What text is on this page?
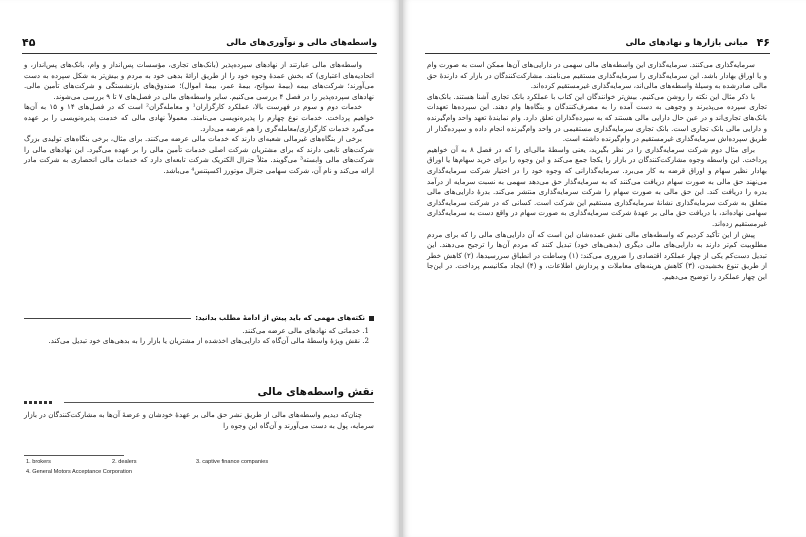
۴۵	واسطه‌های مالی و نوآوری‌های مالی

واسطه‌های مالی عبارتند از نهادهای سپرده‌پذیر (بانک‌های تجاری، مؤسسات پس‌انداز و وام، بانک‌های پس‌انداز، و اتحادیه‌های اعتباری) که بخش عمدۀ وجوه خود را از طریق ارائۀ بدهی خود به مردم و بیش‌تر به شکل سپرده به دست می‌آورند؛ شرکت‌های بیمه (بیمۀ سوانح، بیمۀ عمر، بیمۀ اموال)؛ صندوق‌های بازنشستگی و شرکت‌های تأمین مالی. نهادهای سپرده‌پذیر را در فصل ۴ بررسی می‌کنیم. سایر واسطه‌های مالی در فصل‌های ۷ تا ۹ بررسی می‌شوند.

خدمات دوم و سوم در فهرست بالا، عملکرد کارگزاران¹ و معامله‌گران² است که در فصل‌های ۱۴ و ۱۵ به آن‌ها خواهیم پرداخت. خدمات نوع چهارم را پذیره‌نویسی می‌نامند. معمولاً نهادی مالی که خدمت پذیره‌نویسی را بر عهده می‌گیرد خدمات کارگزاری/معامله‌گری را هم عرضه می‌دارد.

برخی از بنگاه‌های غیرمالی شعبه‌ای دارند که خدمات مالی عرضه می‌کنند. برای مثال، برخی بنگاه‌های تولیدی بزرگ شرکت‌های تابعی دارند که برای مشتریان شرکت اصلی خدمات تأمین مالی را بر عهده می‌گیرد. این نهادهای مالی را شرکت‌های مالی وابسته³ می‌گویند. مثلاً جنرال الکتریک شرکت تابعه‌ای دارد که خدمات مالی انحصاری به شرکت مادر ارائه می‌کند و نام آن، شرکت سهامی جنرال موتورز اکسپتنس⁴ می‌باشد.

نکته‌های مهمی که باید پیش از ادامۀ مطلب بدانید:
1. خدماتی که نهادهای مالی عرضه می‌کنند.
2. نقش ویژۀ واسطۀ مالی آن‌گاه که دارایی‌های اخذشده از مشتریان یا بازار را به بدهی‌های خود تبدیل می‌کند.
نقش واسطه‌های مالی

چنان‌که دیدیم واسطه‌های مالی از طریق نشر حق مالی بر عهدۀ خودشان و عرضۀ آن‌ها به مشارکت‌کنندگان در بازار سرمایه، پول به دست می‌آورند و آن‌گاه این وجوه را

1. brokers	2. dealers	3. captive finance companies
4. General Motors Acceptance Corporation
۴۶
مبانی بازارها و نهادهای مالی

سرمایه‌گذاری می‌کنند. سرمایه‌گذاری این واسطه‌های مالی سهمی در دارایی‌های آن‌ها ممکن است به صورت وام و یا اوراق بهادار باشد. این سرمایه‌گذاری را سرمایه‌گذاری مستقیم می‌نامند. مشارکت‌کنندگان در بازار که دارندۀ حق مالی صادرشده به وسیلۀ واسطه‌های مالی‌اند، سرمایه‌گذاری غیرمستقیم کرده‌اند.

با ذکر مثال این نکته را روشن می‌کنیم. بیش‌تر خوانندگان این کتاب با عملکرد بانک تجاری آشنا هستند. بانک‌های تجاری سپرده می‌پذیرند و وجوهی به دست آمده را به مصرف‌کنندگان و بنگاه‌ها وام دهند. این سپرده‌ها تعهدات بانک‌های تجاری‌اند و در عین حال دارایی مالی هستند که به سپرده‌گذاران تعلق دارد. وام نمایندۀ تعهد واحد وام‌گیرنده و دارایی مالی بانک تجاری است. بانک تجاری سرمایه‌گذاری مستقیمی در واحد وام‌گیرنده انجام داده و سپرده‌گذار از طریق سپرده‌اش سرمایه‌گذاری غیرمستقیم در وام‌گیرنده داشته است.

برای مثال دوم شرکت سرمایه‌گذاری را در نظر بگیرید، یعنی واسطۀ مالی‌ای را که در فصل ۸ به آن خواهیم پرداخت. این واسطه وجوه مشارکت‌کنندگان در بازار را یکجا جمع می‌کند و این وجوه را برای خرید سهام‌ها یا اوراق بهادار نظیر سهام و اوراق قرضه به کار می‌برد. سرمایه‌گذارانی که وجوه خود را در اختیار شرکت سرمایه‌گذاری می‌نهند حق مالی به صورت سهام دریافت می‌کنند که به سرمایه‌گذار حق می‌دهد سهمی به نسبت سرمایه از درآمد بدره را دریافت کند. این حق مالی به صورت سهام را شرکت سرمایه‌گذاری منتشر می‌کند. بدرۀ دارایی‌های مالی متعلق به شرکت سرمایه‌گذاری نشانۀ سرمایه‌گذاری مستقیم این شرکت است. کسانی که در شرکت سرمایه‌گذاری سهامی نهاده‌اند، با دریافت حق مالی بر عهدۀ شرکت سرمایه‌گذاری به صورت سهام در واقع دست به سرمایه‌گذاری غیرمستقیم زده‌اند.

پیش از این تأکید کردیم که واسطه‌های مالی نقش عمده‌شان این است که آن دارایی‌های مالی را که برای مردم مطلوبیت کم‌تر دارند به دارایی‌های مالی دیگری (بدهی‌های خود) تبدیل کنند که مردم آن‌ها را ترجیح می‌دهند. این تبدیل دست‌کم یکی از چهار عملکرد اقتصادی را ضروری می‌کند: (۱) وساطت در انطباق سررسیدها، (۲) کاهش خطر از طریق تنوع بخشیدن، (۳) کاهش هزینه‌های معاملات و پردازش اطلاعات، و (۴) ایجاد مکانیسم پرداخت. در این‌جا این چهار عملکرد را توضیح می‌دهیم.
